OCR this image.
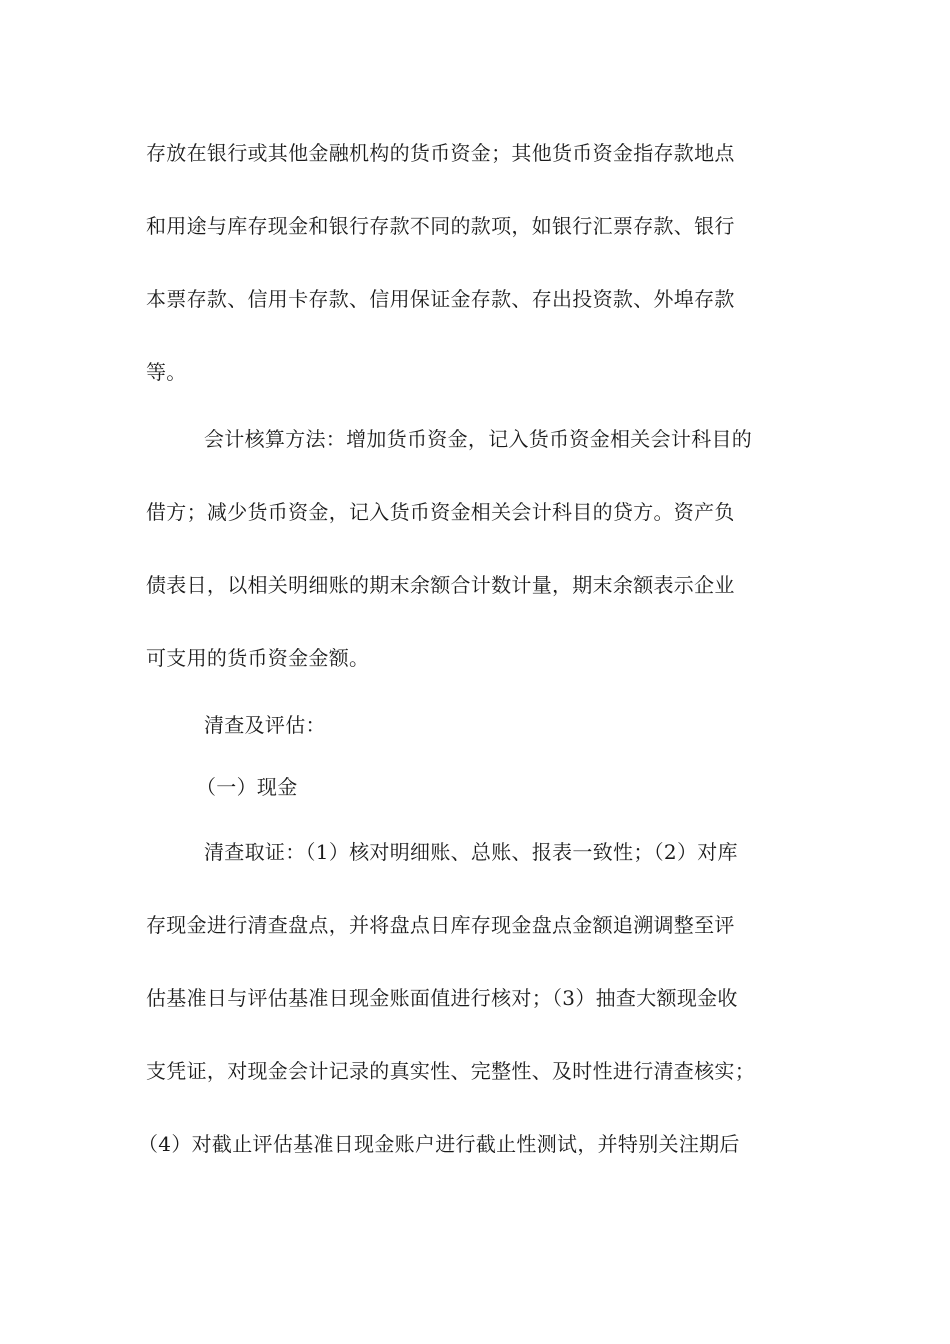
存放在银行或其他金融机构的货币资金；其他货币资金指存款地点
和用途与库存现金和银行存款不同的款项，如银行汇票存款、银行
本票存款、信用卡存款、信用保证金存款、存出投资款、外埠存款
等。
会计核算方法：增加货币资金，记入货币资金相关会计科目的
借方；减少货币资金，记入货币资金相关会计科目的贷方。资产负
债表日，以相关明细账的期末余额合计数计量，期末余额表示企业
可支用的货币资金金额。
清查及评估：
（一）现金
清查取证：（1）核对明细账、总账、报表一致性；（2）对库
存现金进行清查盘点，并将盘点日库存现金盘点金额追溯调整至评
估基准日与评估基准日现金账面值进行核对；（3）抽查大额现金收
支凭证，对现金会计记录的真实性、完整性、及时性进行清查核实；
（4）对截止评估基准日现金账户进行截止性测试，并特别关注期后
